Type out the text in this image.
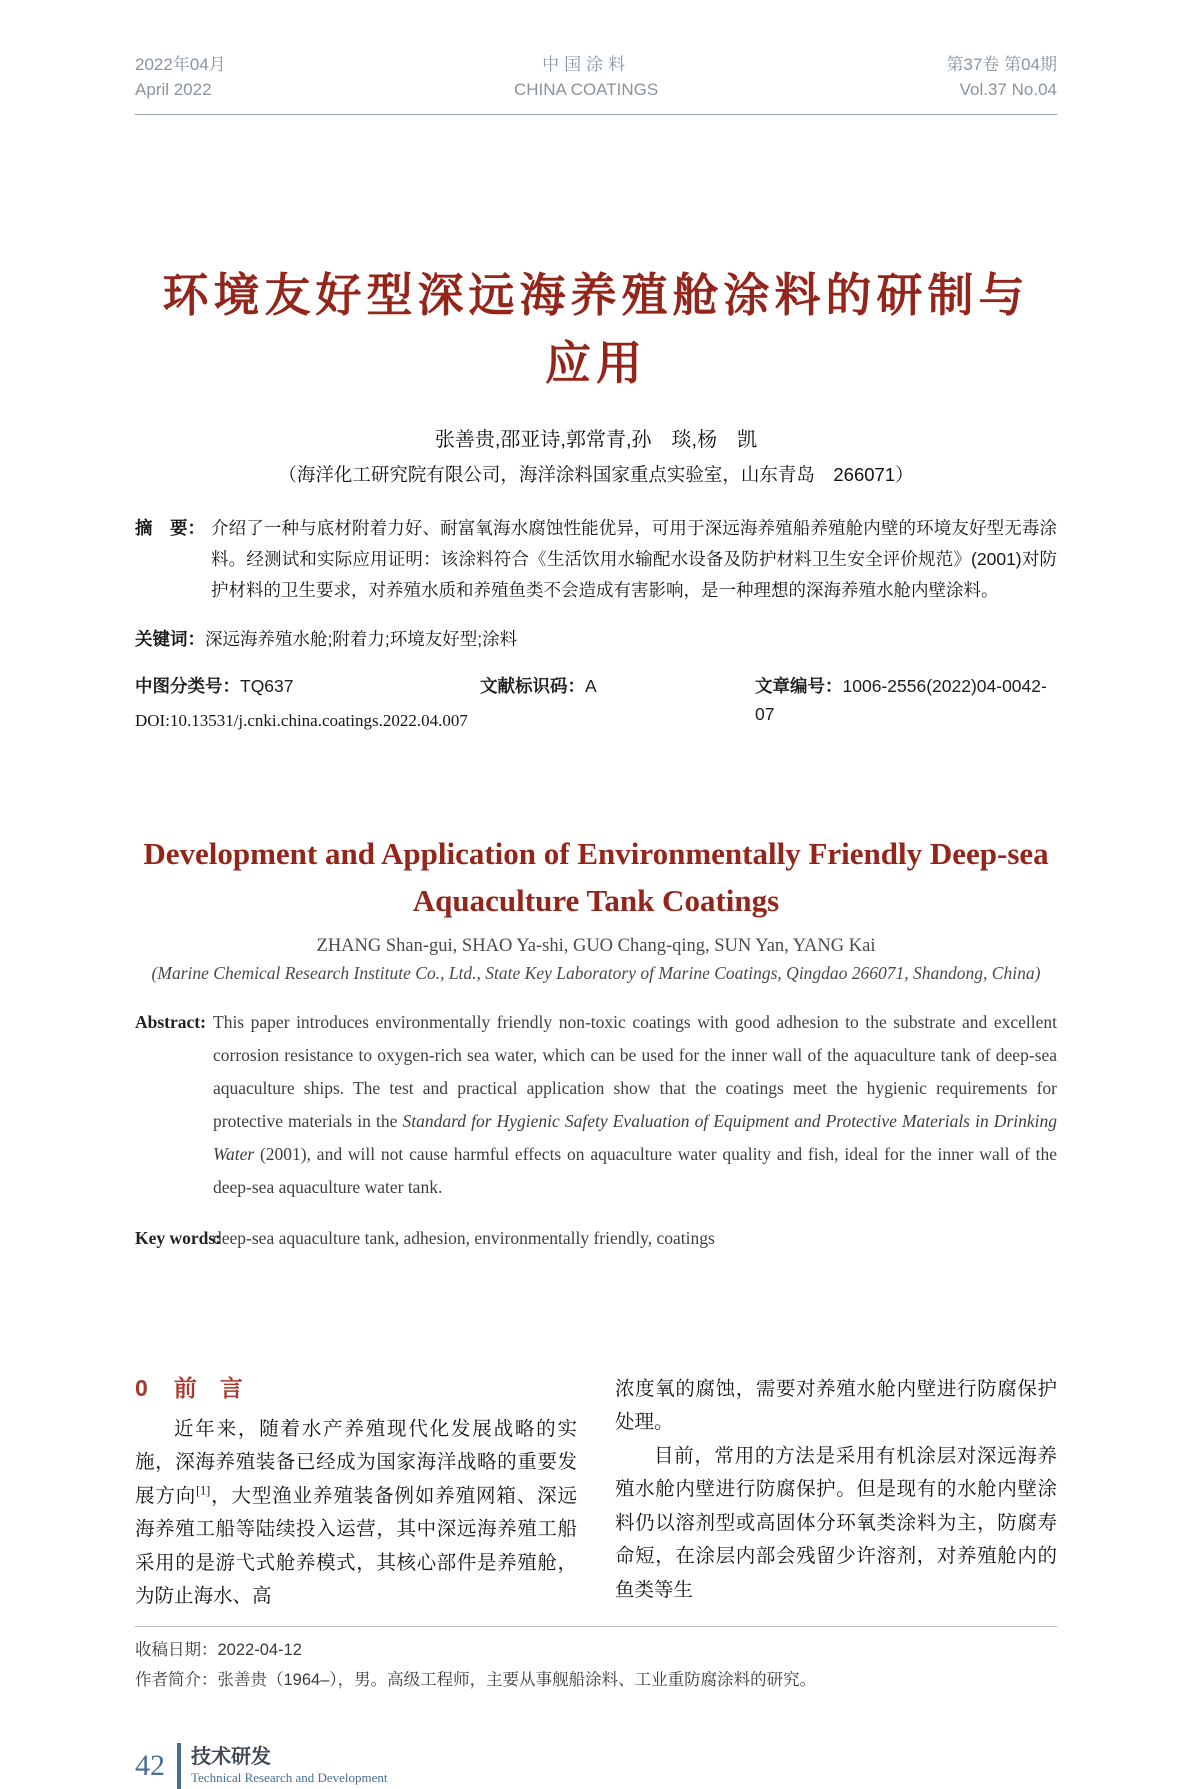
2022年04月
April 2022
中国涂料
CHINA COATINGS
第37卷 第04期
Vol.37 No.04
环境友好型深远海养殖舱涂料的研制与应用
张善贵,邵亚诗,郭常青,孙　琰,杨　凯
（海洋化工研究院有限公司，海洋涂料国家重点实验室，山东青岛　266071）

摘　要： 介绍了一种与底材附着力好、耐富氧海水腐蚀性能优异，可用于深远海养殖船养殖舱内壁的环境友好型无毒涂料。经测试和实际应用证明：该涂料符合《生活饮用水输配水设备及防护材料卫生安全评价规范》(2001)对防护材料的卫生要求，对养殖水质和养殖鱼类不会造成有害影响，是一种理想的深海养殖水舱内壁涂料。

关键词：深远海养殖水舱;附着力;环境友好型;涂料

中图分类号：TQ637	文献标识码：A	文章编号：1006-2556(2022)04-0042-07
DOI:10.13531/j.cnki.china.coatings.2022.04.007
Development and Application of Environmentally Friendly Deep-sea Aquaculture Tank Coatings
ZHANG Shan-gui, SHAO Ya-shi, GUO Chang-qing, SUN Yan, YANG Kai
(Marine Chemical Research Institute Co., Ltd., State Key Laboratory of Marine Coatings, Qingdao 266071, Shandong, China)

Abstract: This paper introduces environmentally friendly non-toxic coatings with good adhesion to the substrate and excellent corrosion resistance to oxygen-rich sea water, which can be used for the inner wall of the aquaculture tank of deep-sea aquaculture ships. The test and practical application show that the coatings meet the hygienic requirements for protective materials in the Standard for Hygienic Safety Evaluation of Equipment and Protective Materials in Drinking Water (2001), and will not cause harmful effects on aquaculture water quality and fish, ideal for the inner wall of the deep-sea aquaculture water tank.

Key words:
deep-sea aquaculture tank, adhesion, environmentally friendly, coatings

0 前　言

近年来，随着水产养殖现代化发展战略的实施，深海养殖装备已经成为国家海洋战略的重要发展方向[1]，大型渔业养殖装备例如养殖网箱、深远海养殖工船等陆续投入运营，其中深远海养殖工船采用的是游弋式舱养模式，其核心部件是养殖舱，为防止海水、高

浓度氧的腐蚀，需要对养殖水舱内壁进行防腐保护处理。

目前，常用的方法是采用有机涂层对深远海养殖水舱内壁进行防腐保护。但是现有的水舱内壁涂料仍以溶剂型或高固体分环氧类涂料为主，防腐寿命短，在涂层内部会残留少许溶剂，对养殖舱内的鱼类等生

收稿日期：2022-04-12
作者简介：张善贵（1964–），男。高级工程师，主要从事舰船涂料、工业重防腐涂料的研究。
42 技术研发
Technical Research and Development
